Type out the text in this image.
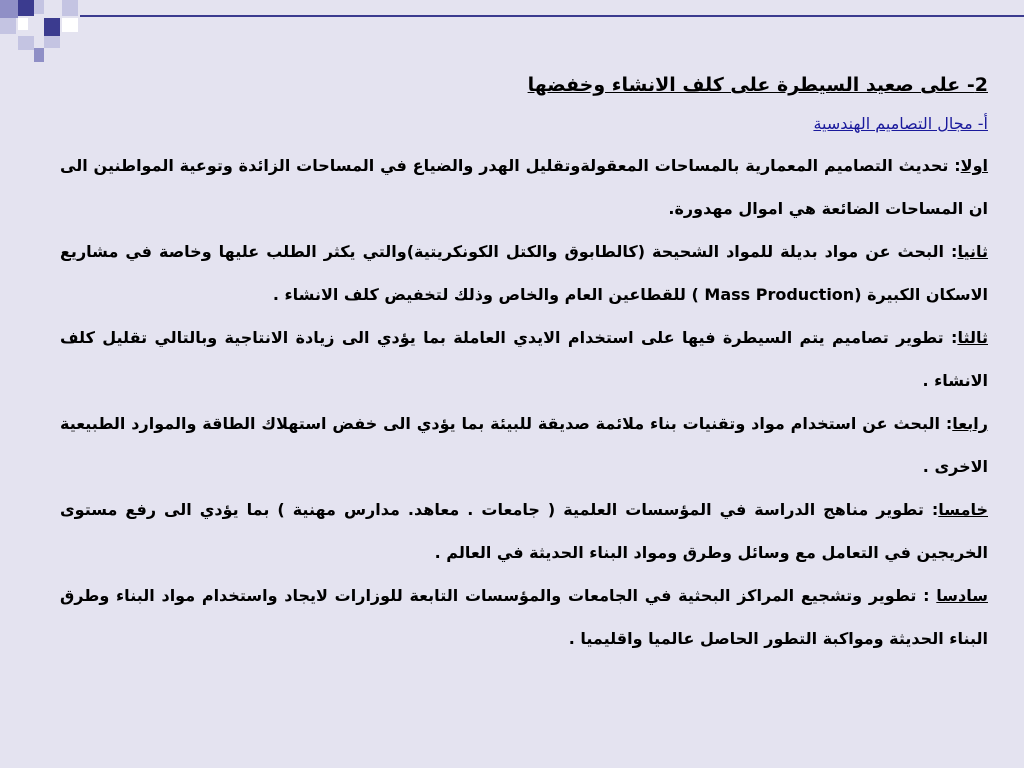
2- على صعيد السيطرة على كلف الانشاء وخفضها
أ- مجال التصاميم الهندسية

اولا: تحديث التصاميم المعمارية بالمساحات المعقولةوتقليل الهدر والضياع في المساحات الزائدة وتوعية المواطنين الى ان المساحات الضائعة هي اموال مهدورة.

ثانيا: البحث عن مواد بديلة للمواد الشحيحة (كالطابوق والكتل الكونكريتية)والتي يكثر الطلب عليها وخاصة في مشاريع الاسكان الكبيرة (Mass Production ) للقطاعين العام والخاص وذلك لتخفيض كلف الانشاء .

ثالثا: تطوير تصاميم يتم السيطرة فيها على استخدام الايدي العاملة بما يؤدي الى زيادة الانتاجية وبالتالي تقليل كلف الانشاء .

رابعا: البحث عن استخدام مواد وتقنيات بناء ملائمة صديقة للبيئة بما يؤدي الى خفض استهلاك الطاقة والموارد الطبيعية الاخرى .

خامسا: تطوير مناهج الدراسة في المؤسسات العلمية ( جامعات . معاهد. مدارس مهنية ) بما يؤدي الى رفع مستوى الخريجين في التعامل مع وسائل وطرق ومواد البناء الحديثة في العالم .

سادسا : تطوير وتشجيع المراكز البحثية في الجامعات والمؤسسات التابعة للوزارات لايجاد واستخدام مواد البناء وطرق البناء الحديثة ومواكبة التطور الحاصل عالميا واقليميا .
